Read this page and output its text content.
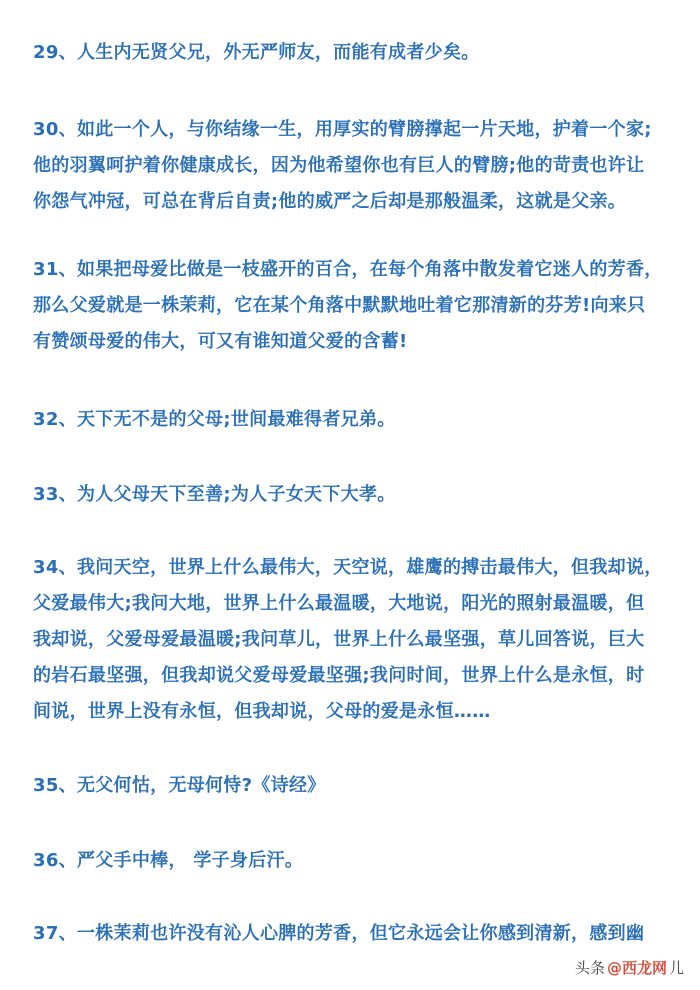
29、人生内无贤父兄，外无严师友，而能有成者少矣。

30、如此一个人，与你结缘一生，用厚实的臂膀撑起一片天地，护着一个家;
他的羽翼呵护着你健康成长，因为他希望你也有巨人的臂膀;他的苛责也许让
你怨气冲冠，可总在背后自责;他的威严之后却是那般温柔，这就是父亲。

31、如果把母爱比做是一枝盛开的百合，在每个角落中散发着它迷人的芳香，
那么父爱就是一株茉莉，它在某个角落中默默地吐着它那清新的芬芳!向来只
有赞颂母爱的伟大，可又有谁知道父爱的含蓄!

32、天下无不是的父母;世间最难得者兄弟。

33、为人父母天下至善;为人子女天下大孝。

34、我问天空，世界上什么最伟大，天空说，雄鹰的搏击最伟大，但我却说，
父爱最伟大;我问大地，世界上什么最温暖，大地说，阳光的照射最温暖，但
我却说，父爱母爱最温暖;我问草儿，世界上什么最坚强，草儿回答说，巨大
的岩石最坚强，但我却说父爱母爱最坚强;我问时间，世界上什么是永恒，时
间说，世界上没有永恒，但我却说，父母的爱是永恒……

35、无父何怙，无母何恃?《诗经》

36、严父手中棒， 学子身后汗。

37、一株茉莉也许没有沁人心脾的芳香，但它永远会让你感到清新，感到幽

头条 @西龙网 儿
